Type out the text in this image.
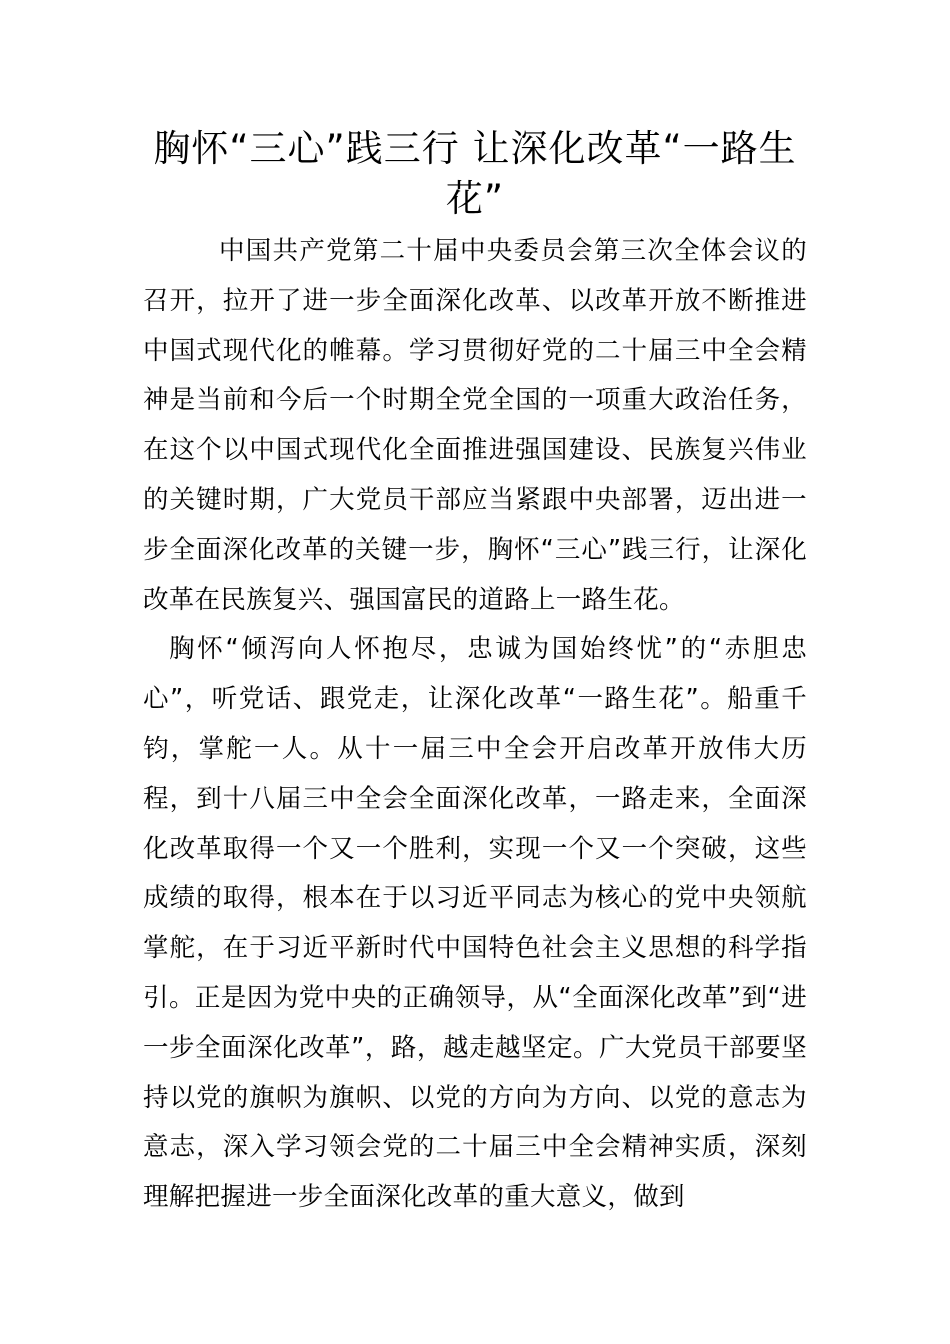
胸怀“三心”践三行 让深化改革“一路生花”

中国共产党第二十届中央委员会第三次全体会议的召开，拉开了进一步全面深化改革、以改革开放不断推进中国式现代化的帷幕。学习贯彻好党的二十届三中全会精神是当前和今后一个时期全党全国的一项重大政治任务，在这个以中国式现代化全面推进强国建设、民族复兴伟业的关键时期，广大党员干部应当紧跟中央部署，迈出进一步全面深化改革的关键一步，胸怀“三心”践三行，让深化改革在民族复兴、强国富民的道路上一路生花。

胸怀“倾泻向人怀抱尽，忠诚为国始终忧”的“赤胆忠心”，听党话、跟党走，让深化改革“一路生花”。船重千钧，掌舵一人。从十一届三中全会开启改革开放伟大历程，到十八届三中全会全面深化改革，一路走来，全面深化改革取得一个又一个胜利，实现一个又一个突破，这些成绩的取得，根本在于以习近平同志为核心的党中央领航掌舵，在于习近平新时代中国特色社会主义思想的科学指引。正是因为党中央的正确领导，从“全面深化改革”到“进一步全面深化改革”，路，越走越坚定。广大党员干部要坚持以党的旗帜为旗帜、以党的方向为方向、以党的意志为意志，深入学习领会党的二十届三中全会精神实质，深刻理解把握进一步全面深化改革的重大意义，做到
